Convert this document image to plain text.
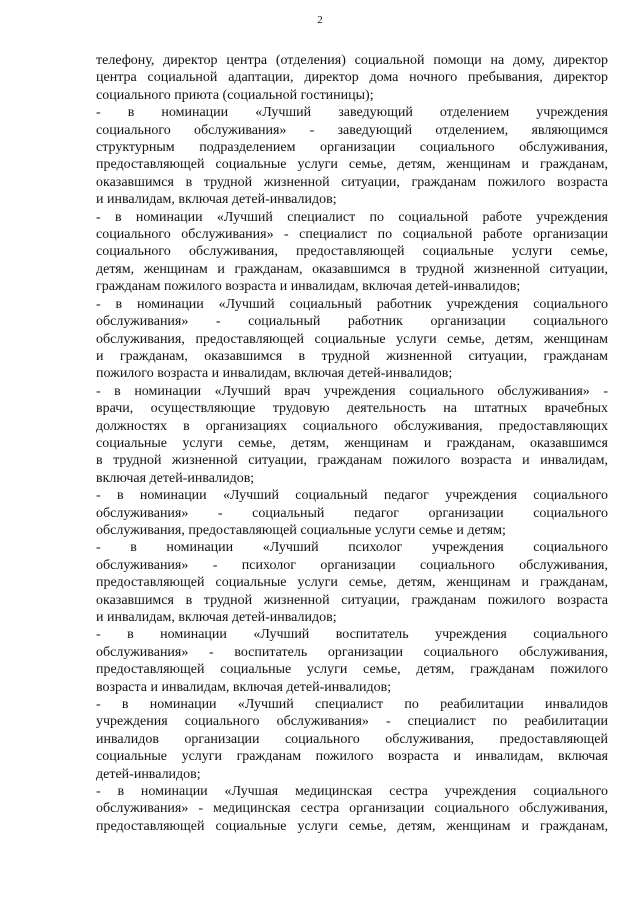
2
телефону, директор центра (отделения) социальной помощи на дому, директор
центра социальной адаптации, директор дома ночного пребывания, директор
социального приюта (социальной гостиницы);
- в номинации «Лучший заведующий отделением учреждения
социального обслуживания» - заведующий отделением, являющимся
структурным подразделением организации социального обслуживания,
предоставляющей социальные услуги семье, детям, женщинам и гражданам,
оказавшимся в трудной жизненной ситуации, гражданам пожилого возраста
и инвалидам, включая детей-инвалидов;
- в номинации «Лучший специалист по социальной работе учреждения
социального обслуживания» - специалист по социальной работе организации
социального обслуживания, предоставляющей социальные услуги семье,
детям, женщинам и гражданам, оказавшимся в трудной жизненной ситуации,
гражданам пожилого возраста и инвалидам, включая детей-инвалидов;
- в номинации «Лучший социальный работник учреждения социального
обслуживания» - социальный работник организации социального
обслуживания, предоставляющей социальные услуги семье, детям, женщинам
и гражданам, оказавшимся в трудной жизненной ситуации, гражданам
пожилого возраста и инвалидам, включая детей-инвалидов;
- в номинации «Лучший врач учреждения социального обслуживания» -
врачи, осуществляющие трудовую деятельность на штатных врачебных
должностях в организациях социального обслуживания, предоставляющих
социальные услуги семье, детям, женщинам и гражданам, оказавшимся
в трудной жизненной ситуации, гражданам пожилого возраста и инвалидам,
включая детей-инвалидов;
- в номинации «Лучший социальный педагог учреждения социального
обслуживания» - социальный педагог организации социального
обслуживания, предоставляющей социальные услуги семье и детям;
- в номинации «Лучший психолог учреждения социального
обслуживания» - психолог организации социального обслуживания,
предоставляющей социальные услуги семье, детям, женщинам и гражданам,
оказавшимся в трудной жизненной ситуации, гражданам пожилого возраста
и инвалидам, включая детей-инвалидов;
- в номинации «Лучший воспитатель учреждения социального
обслуживания» - воспитатель организации социального обслуживания,
предоставляющей социальные услуги семье, детям, гражданам пожилого
возраста и инвалидам, включая детей-инвалидов;
- в номинации «Лучший специалист по реабилитации инвалидов
учреждения социального обслуживания» - специалист по реабилитации
инвалидов организации социального обслуживания, предоставляющей
социальные услуги гражданам пожилого возраста и инвалидам, включая
детей-инвалидов;
- в номинации «Лучшая медицинская сестра учреждения социального
обслуживания» - медицинская сестра организации социального обслуживания,
предоставляющей социальные услуги семье, детям, женщинам и гражданам,
